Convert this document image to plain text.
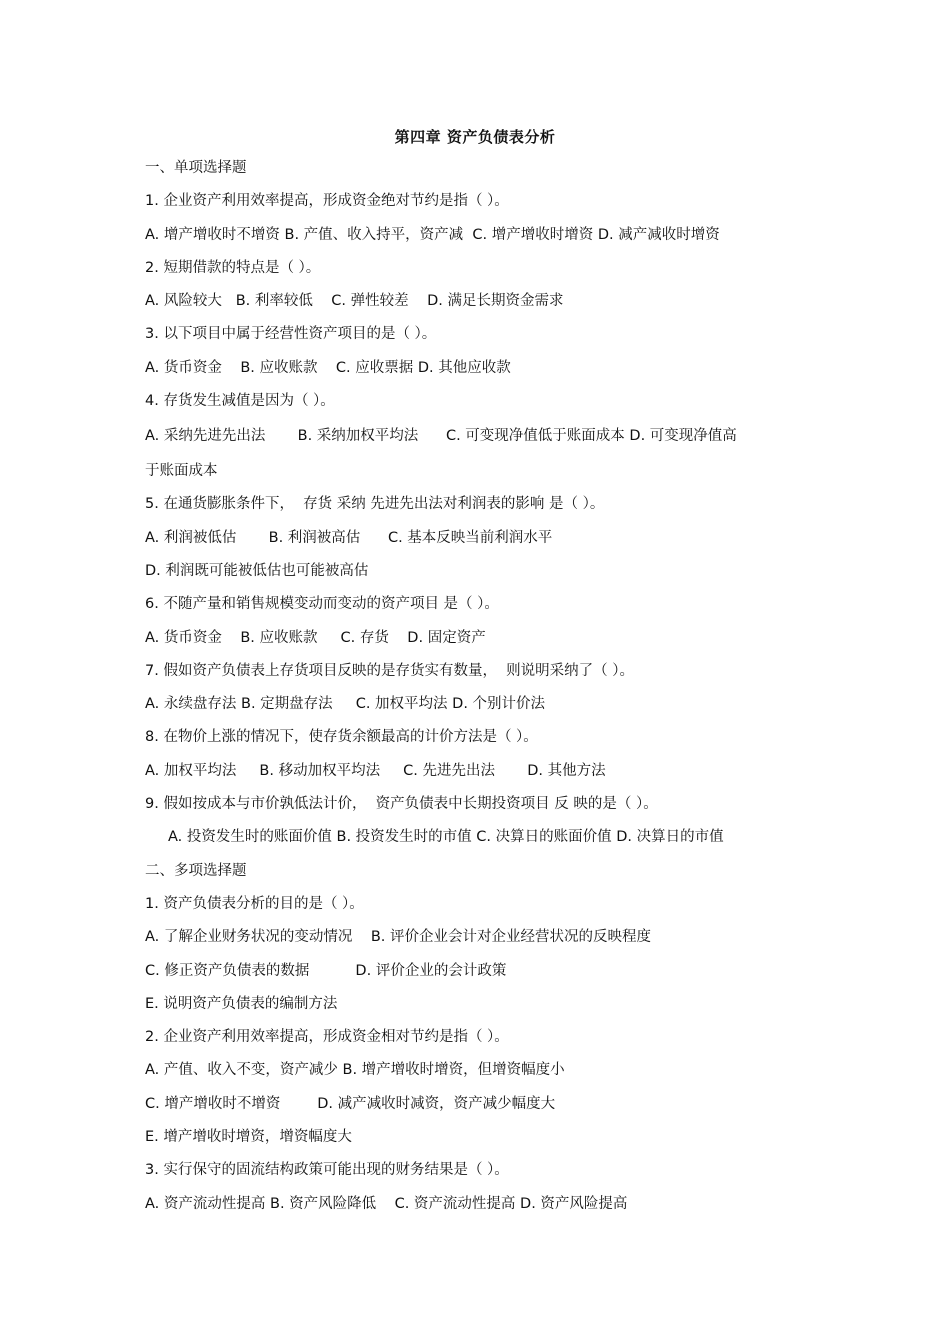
第四章 资产负债表分析
一、单项选择题
1. 企业资产利用效率提高，形成资金绝对节约是指（ ）。
A. 增产增收时不增资 B. 产值、收入持平，资产减  C. 增产增收时增资 D. 减产减收时增资
2. 短期借款的特点是（ ）。
A. 风险较大   B. 利率较低    C. 弹性较差    D. 满足长期资金需求
3. 以下项目中属于经营性资产项目的是（ ）。
A. 货币资金    B. 应收账款    C. 应收票据 D. 其他应收款
4. 存货发生减值是因为（ ）。
A. 采纳先进先出法       B. 采纳加权平均法      C. 可变现净值低于账面成本 D. 可变现净值高
于账面成本
5. 在通货膨胀条件下，  存货 采纳 先进先出法对利润表的影响 是（ ）。
A. 利润被低估       B. 利润被高估      C. 基本反映当前利润水平
D. 利润既可能被低估也可能被高估
6. 不随产量和销售规模变动而变动的资产项目 是（ ）。
A. 货币资金    B. 应收账款     C. 存货    D. 固定资产
7. 假如资产负债表上存货项目反映的是存货实有数量，  则说明采纳了（ ）。
A. 永续盘存法 B. 定期盘存法     C. 加权平均法 D. 个别计价法
8. 在物价上涨的情况下，使存货余额最高的计价方法是（ ）。
A. 加权平均法     B. 移动加权平均法     C. 先进先出法       D. 其他方法
9. 假如按成本与市价孰低法计价，  资产负债表中长期投资项目 反 映的是（ ）。
A. 投资发生时的账面价值 B. 投资发生时的市值 C. 决算日的账面价值 D. 决算日的市值
二、多项选择题
1. 资产负债表分析的目的是（ ）。
A. 了解企业财务状况的变动情况    B. 评价企业会计对企业经营状况的反映程度
C. 修正资产负债表的数据          D. 评价企业的会计政策
E. 说明资产负债表的编制方法
2. 企业资产利用效率提高，形成资金相对节约是指（ ）。
A. 产值、收入不变，资产减少 B. 增产增收时增资，但增资幅度小
C. 增产增收时不增资        D. 减产减收时减资，资产减少幅度大
E. 增产增收时增资，增资幅度大
3. 实行保守的固流结构政策可能出现的财务结果是（ ）。
A. 资产流动性提高 B. 资产风险降低    C. 资产流动性提高 D. 资产风险提高
